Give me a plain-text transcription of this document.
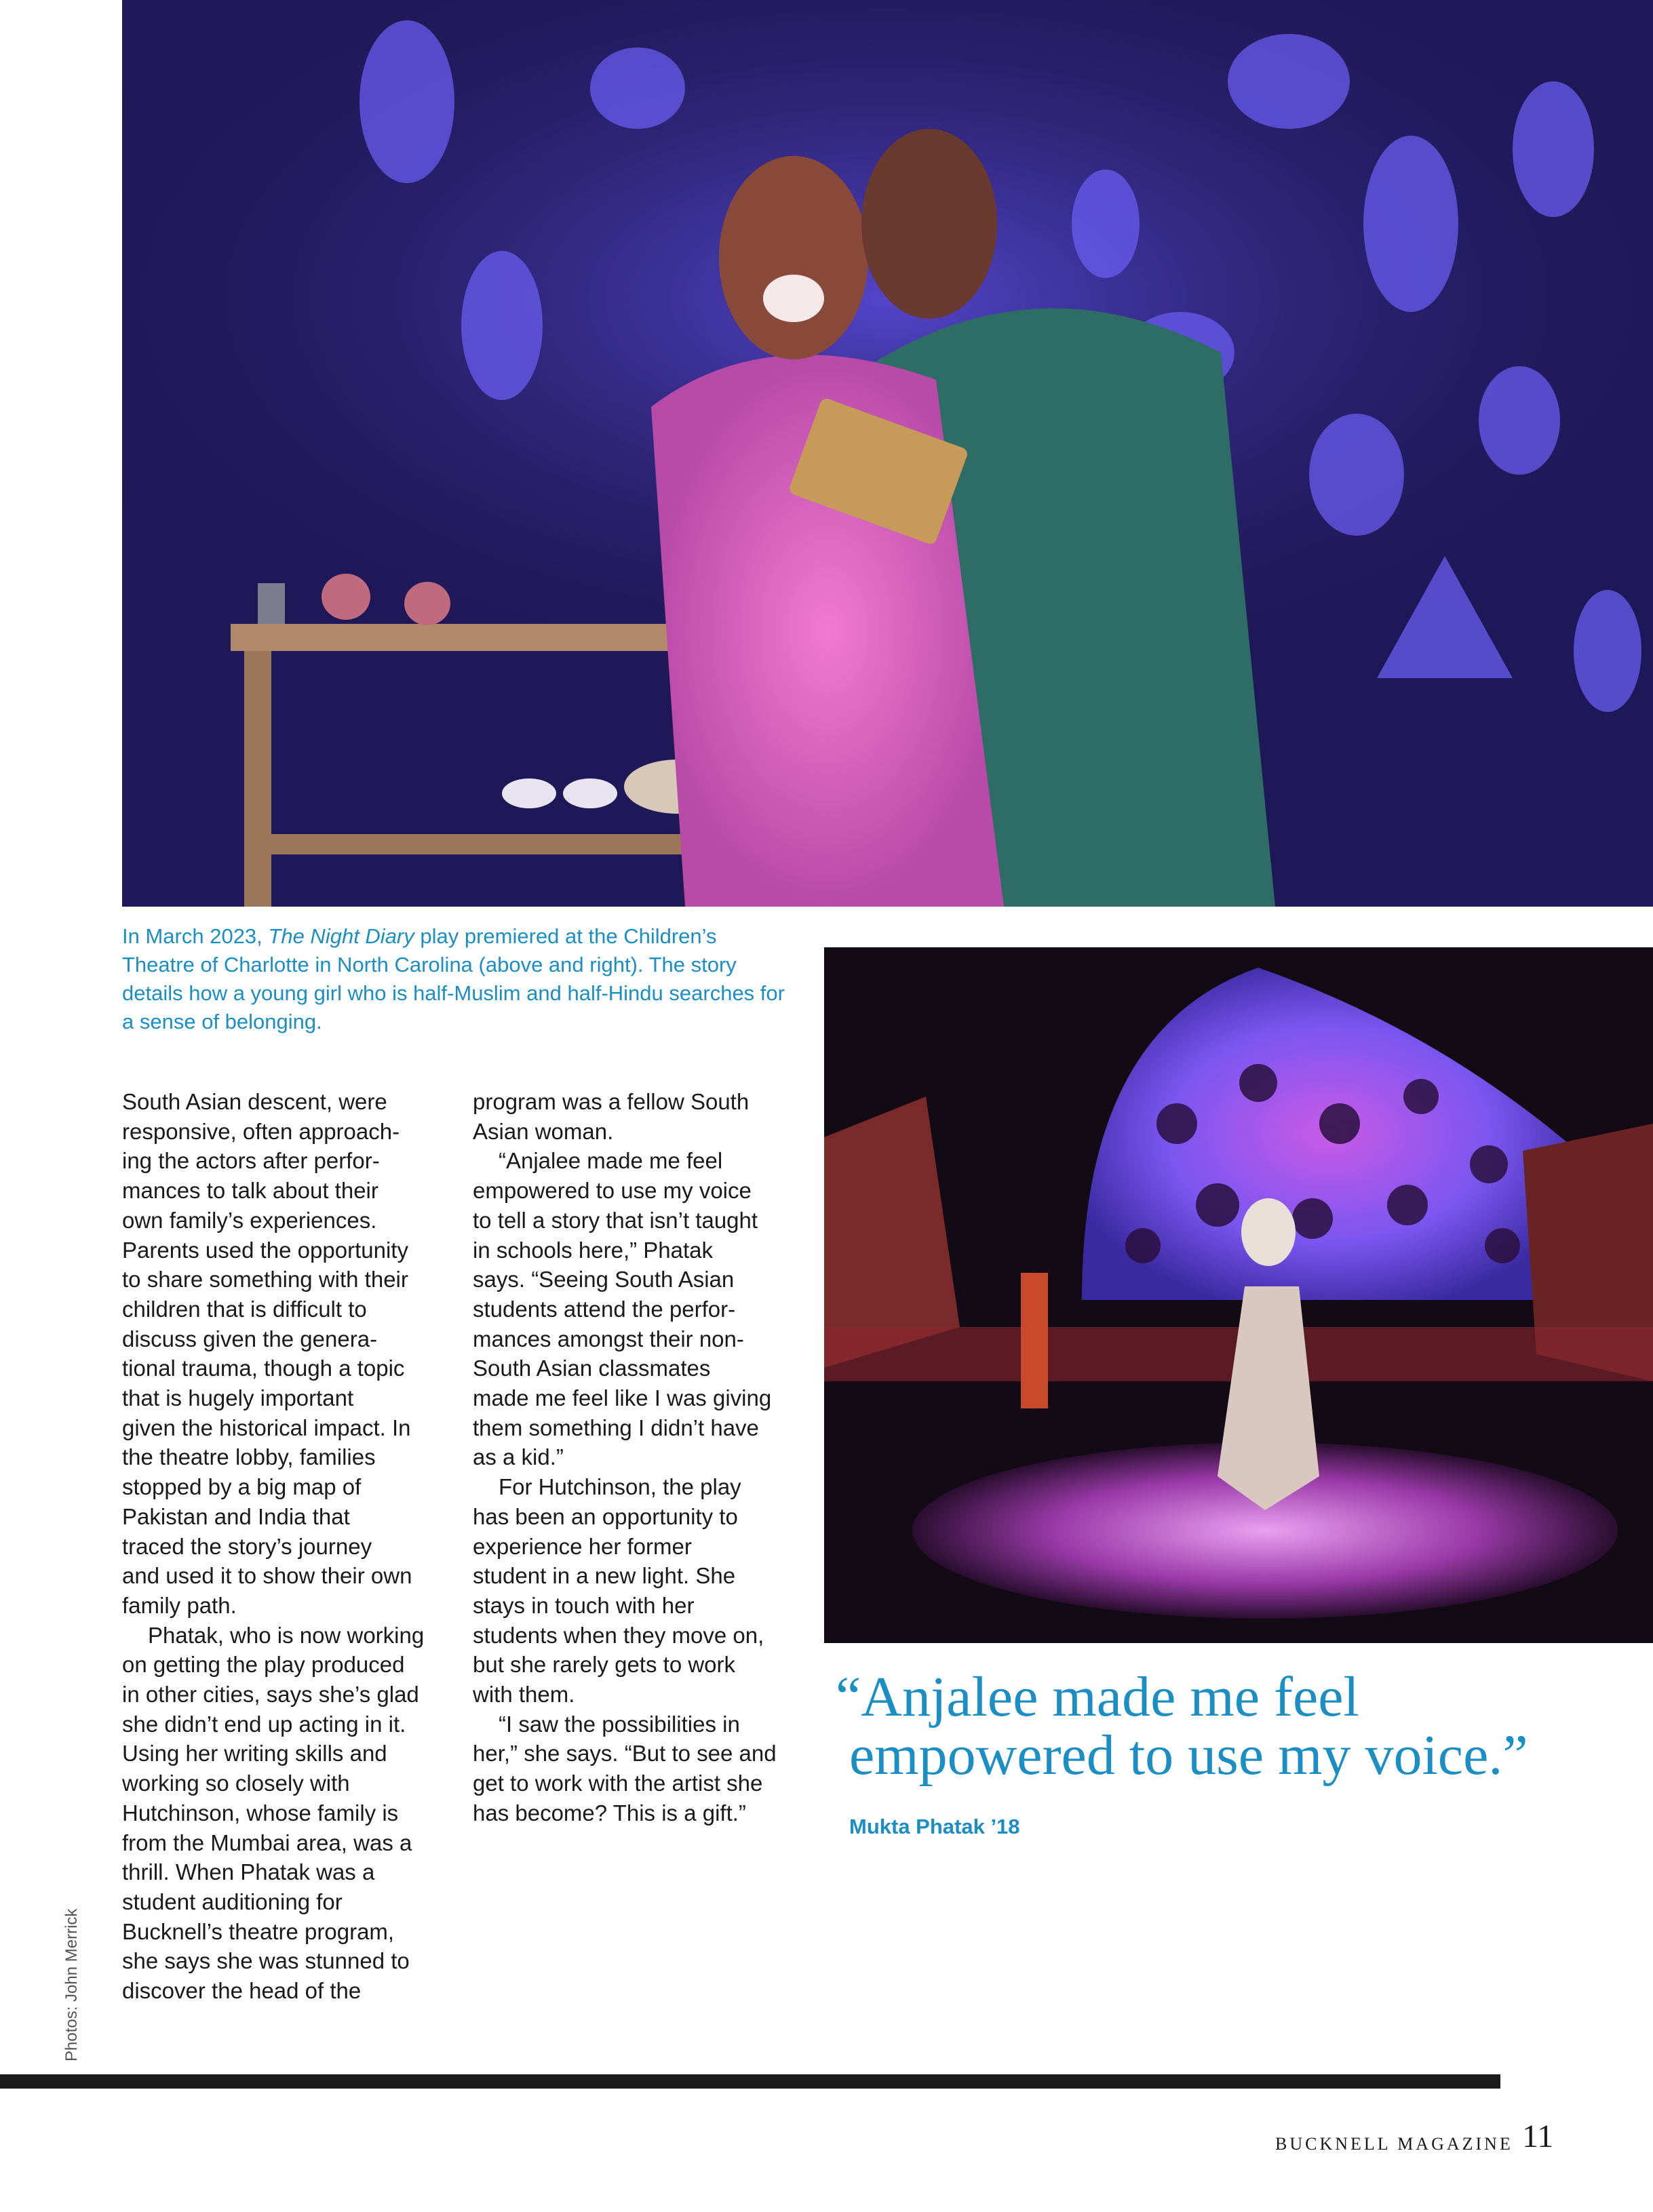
In March 2023, The Night Diary play premiered at the Children’s Theatre of Charlotte in North Carolina (above and right). The story details how a young girl who is half-Muslim and half-Hindu searches for a sense of belonging.
South Asian descent, were
responsive, often approach-
ing the actors after perfor-
mances to talk about their
own family’s experiences.
Parents used the opportunity
to share something with their
children that is difficult to
discuss given the genera-
tional trauma, though a topic
that is hugely important
given the historical impact. In
the theatre lobby, families
stopped by a big map of
Pakistan and India that
traced the story’s journey
and used it to show their own
family path.
Phatak, who is now working
on getting the play produced
in other cities, says she’s glad
she didn’t end up acting in it.
Using her writing skills and
working so closely with
Hutchinson, whose family is
from the Mumbai area, was a
thrill. When Phatak was a
student auditioning for
Bucknell’s theatre program,
she says she was stunned to
discover the head of the
program was a fellow South
Asian woman.
“Anjalee made me feel
empowered to use my voice
to tell a story that isn’t taught
in schools here,” Phatak
says. “Seeing South Asian
students attend the perfor-
mances amongst their non-
South Asian classmates
made me feel like I was giving
them something I didn’t have
as a kid.”
For Hutchinson, the play
has been an opportunity to
experience her former
student in a new light. She
stays in touch with her
students when they move on,
but she rarely gets to work
with them.
“I saw the possibilities in
her,” she says. “But to see and
get to work with the artist she
has become? This is a gift.”
“Anjalee made me feel
empowered to use my voice.”
Mukta Phatak ’18
Photos: John Merrick
BUCKNELL MAGAZINE 11
